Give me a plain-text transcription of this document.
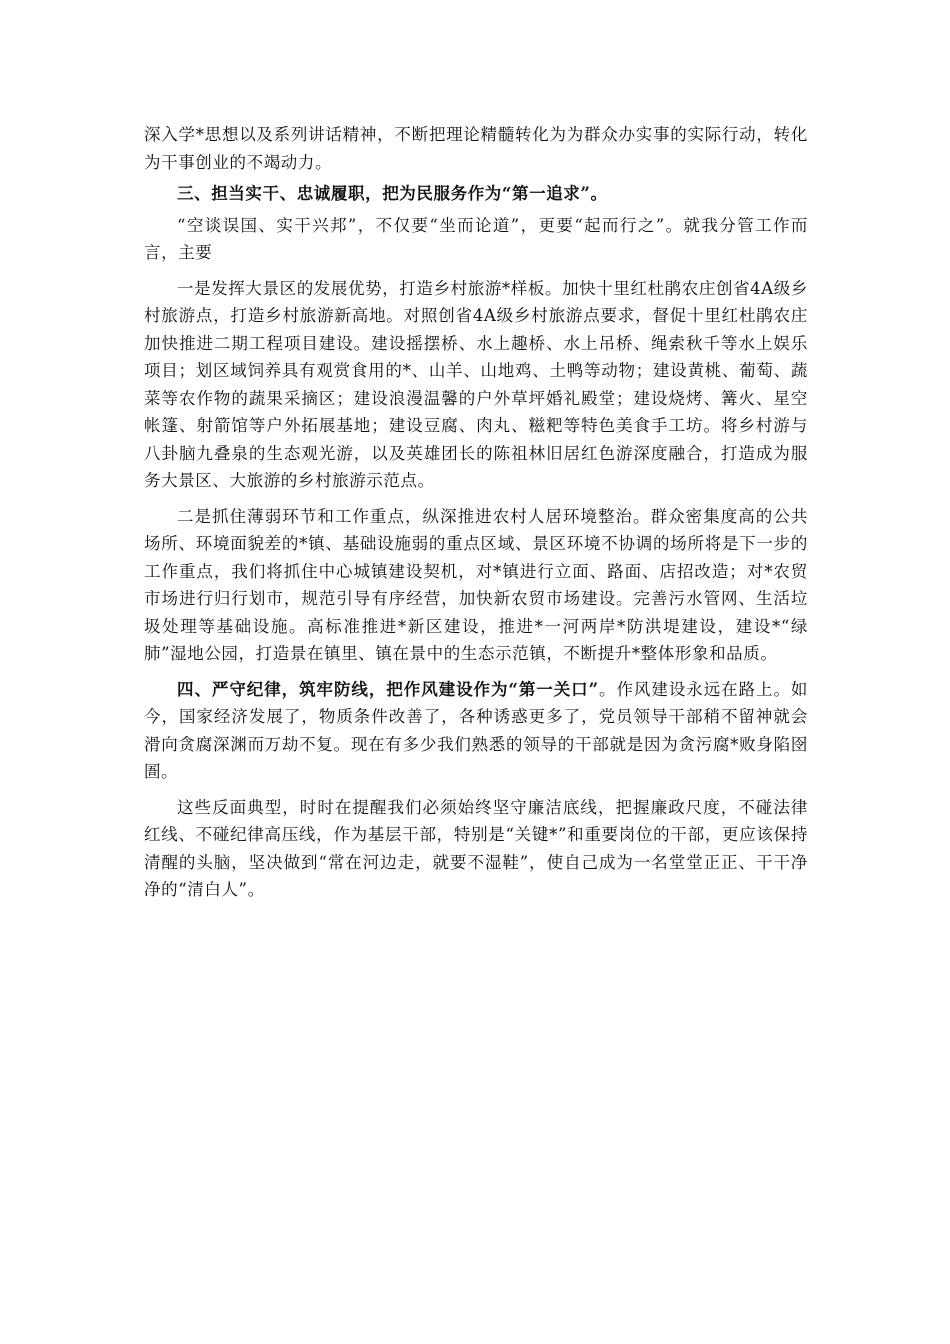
深入学*思想以及系列讲话精神，不断把理论精髓转化为为群众办实事的实际行动，转化为干事创业的不竭动力。

三、担当实干、忠诚履职，把为民服务作为“第一追求”。

“空谈误国、实干兴邦”，不仅要“坐而论道”，更要“起而行之”。就我分管工作而言，主要

一是发挥大景区的发展优势，打造乡村旅游*样板。加快十里红杜鹃农庄创省4A级乡村旅游点，打造乡村旅游新高地。对照创省4A级乡村旅游点要求，督促十里红杜鹃农庄加快推进二期工程项目建设。建设摇摆桥、水上趣桥、水上吊桥、绳索秋千等水上娱乐项目；划区域饲养具有观赏食用的*、山羊、山地鸡、土鸭等动物；建设黄桃、葡萄、蔬菜等农作物的蔬果采摘区；建设浪漫温馨的户外草坪婚礼殿堂；建设烧烤、篝火、星空帐篷、射箭馆等户外拓展基地；建设豆腐、肉丸、糍粑等特色美食手工坊。将乡村游与八卦脑九叠泉的生态观光游，以及英雄团长的陈祖林旧居红色游深度融合，打造成为服务大景区、大旅游的乡村旅游示范点。

二是抓住薄弱环节和工作重点，纵深推进农村人居环境整治。群众密集度高的公共场所、环境面貌差的*镇、基础设施弱的重点区域、景区环境不协调的场所将是下一步的工作重点，我们将抓住中心城镇建设契机，对*镇进行立面、路面、店招改造；对*农贸市场进行归行划市，规范引导有序经营，加快新农贸市场建设。完善污水管网、生活垃圾处理等基础设施。高标准推进*新区建设，推进*一河两岸*防洪堤建设，建设*“绿肺”湿地公园，打造景在镇里、镇在景中的生态示范镇，不断提升*整体形象和品质。

四、严守纪律，筑牢防线，把作风建设作为“第一关口”。作风建设永远在路上。如今，国家经济发展了，物质条件改善了，各种诱惑更多了，党员领导干部稍不留神就会滑向贪腐深渊而万劫不复。现在有多少我们熟悉的领导的干部就是因为贪污腐*败身陷囹圄。

这些反面典型，时时在提醒我们必须始终坚守廉洁底线，把握廉政尺度，不碰法律红线、不碰纪律高压线，作为基层干部，特别是“关键*”和重要岗位的干部，更应该保持清醒的头脑，坚决做到“常在河边走，就要不湿鞋”，使自己成为一名堂堂正正、干干净净的“清白人”。
